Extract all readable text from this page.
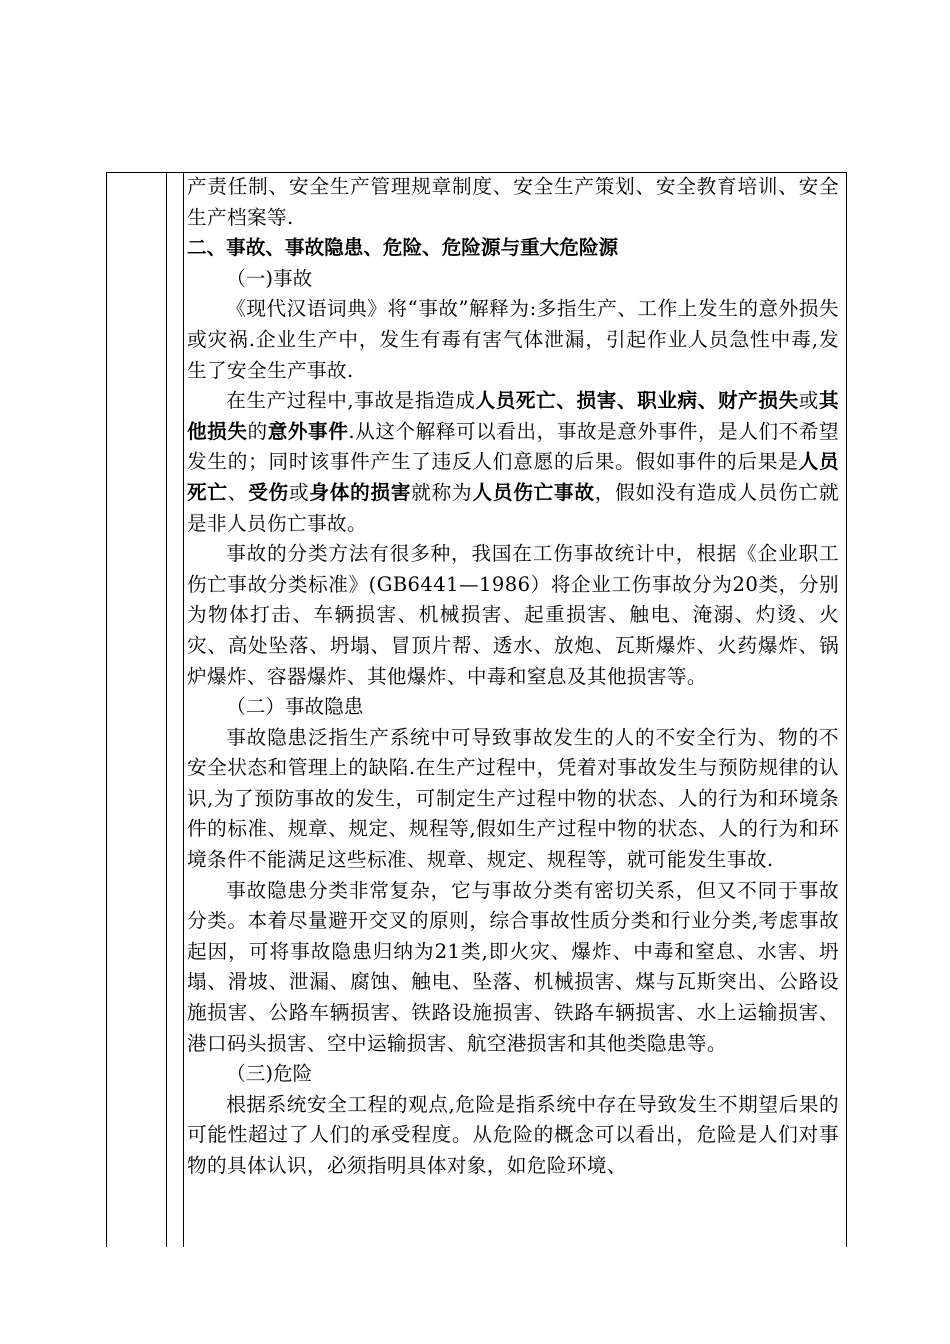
产责任制、安全生产管理规章制度、安全生产策划、安全教育培训、安全生产档案等.

二、事故、事故隐患、危险、危险源与重大危险源

（一)事故

《现代汉语词典》将“事故”解释为:多指生产、工作上发生的意外损失或灾祸.企业生产中，发生有毒有害气体泄漏，引起作业人员急性中毒,发生了安全生产事故.

在生产过程中,事故是指造成人员死亡、损害、职业病、财产损失或其他损失的意外事件.从这个解释可以看出，事故是意外事件，是人们不希望发生的；同时该事件产生了违反人们意愿的后果。假如事件的后果是人员死亡、受伤或身体的损害就称为人员伤亡事故，假如没有造成人员伤亡就是非人员伤亡事故。

事故的分类方法有很多种，我国在工伤事故统计中，根据《企业职工伤亡事故分类标准》(GB6441—1986）将企业工伤事故分为20类，分别为物体打击、车辆损害、机械损害、起重损害、触电、淹溺、灼烫、火灾、高处坠落、坍塌、冒顶片帮、透水、放炮、瓦斯爆炸、火药爆炸、锅炉爆炸、容器爆炸、其他爆炸、中毒和窒息及其他损害等。

（二）事故隐患

事故隐患泛指生产系统中可导致事故发生的人的不安全行为、物的不安全状态和管理上的缺陷.在生产过程中，凭着对事故发生与预防规律的认识,为了预防事故的发生，可制定生产过程中物的状态、人的行为和环境条件的标准、规章、规定、规程等,假如生产过程中物的状态、人的行为和环境条件不能满足这些标准、规章、规定、规程等，就可能发生事故.

事故隐患分类非常复杂，它与事故分类有密切关系，但又不同于事故分类。本着尽量避开交叉的原则，综合事故性质分类和行业分类,考虑事故起因，可将事故隐患归纳为21类,即火灾、爆炸、中毒和窒息、水害、坍塌、滑坡、泄漏、腐蚀、触电、坠落、机械损害、煤与瓦斯突出、公路设施损害、公路车辆损害、铁路设施损害、铁路车辆损害、水上运输损害、港口码头损害、空中运输损害、航空港损害和其他类隐患等。

（三)危险

根据系统安全工程的观点,危险是指系统中存在导致发生不期望后果的可能性超过了人们的承受程度。从危险的概念可以看出，危险是人们对事物的具体认识，必须指明具体对象，如危险环境、
